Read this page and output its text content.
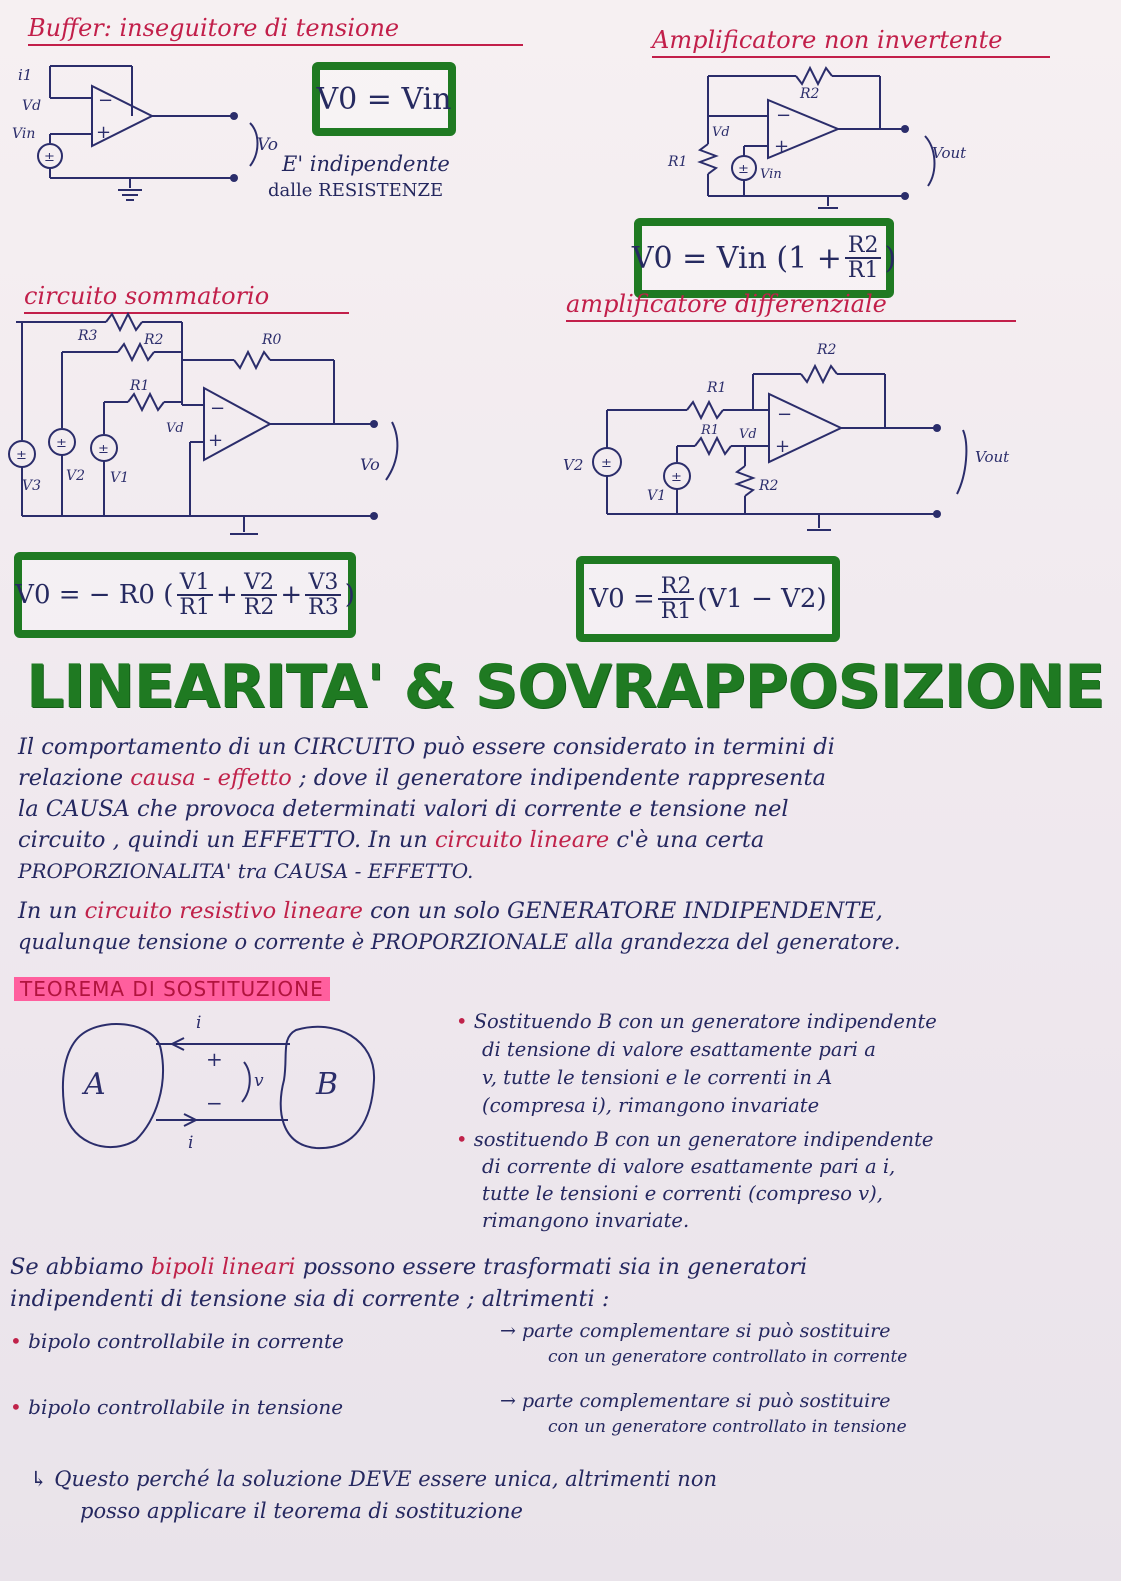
Buffer: inseguitore di tensione
−
+
±
i1
Vd
Vin
Vo
V0 = Vin
E' indipendente
dalle RESISTENZE
Amplificatore non invertente
−
+
±
R2
R1
Vd
Vin
Vout
V0 = Vin ( $1 + \frac{R2}{R1}$ )
circuito sommatorio
−
+
±
± ±
R3	R2
R1
R0
Vd
V3
V2 V1
Vo
V0 = − R0 ( $\frac{V1}{R1} + \frac{V2}{R2} + \frac{V3}{R3}$ )
amplificatore differenziale
−
+
±
±
R2
R1
R1
R2
Vd
V2
V1
Vout
$V0 = \frac{R2}{R1} (V1 - V2)$
LINEARITA' & SOVRAPPOSIZIONE
Il comportamento di un CIRCUITO può essere considerato in termini di
relazione causa - effetto ; dove il generatore indipendente rappresenta
la CAUSA che provoca determinati valori di corrente e tensione nel
circuito , quindi un EFFETTO. In un circuito lineare c'è una certa
PROPORZIONALITA' tra CAUSA - EFFETTO.
In un circuito resistivo lineare con un solo GENERATORE INDIPENDENTE,
qualunque tensione o corrente è PROPORZIONALE alla grandezza del generatore.
TEOREMA DI SOSTITUZIONE
A	B
i
i
+
−
v
• Sostituendo B con un generatore indipendente
di tensione di valore esattamente pari a
v, tutte le tensioni e le correnti in A
(compresa i), rimangono invariate
• sostituendo B con un generatore indipendente
di corrente di valore esattamente pari a i,
tutte le tensioni e correnti (compreso v),
rimangono invariate.
Se abbiamo bipoli lineari possono essere trasformati sia in generatori
indipendenti di tensione sia di corrente ; altrimenti :
• bipolo controllabile in corrente	→ parte complementare si può sostituire
con un generatore controllato in corrente
• bipolo controllabile in tensione	→ parte complementare si può sostituire
con un generatore controllato in tensione
↳ Questo perché la soluzione DEVE essere unica, altrimenti non
posso applicare il teorema di sostituzione
